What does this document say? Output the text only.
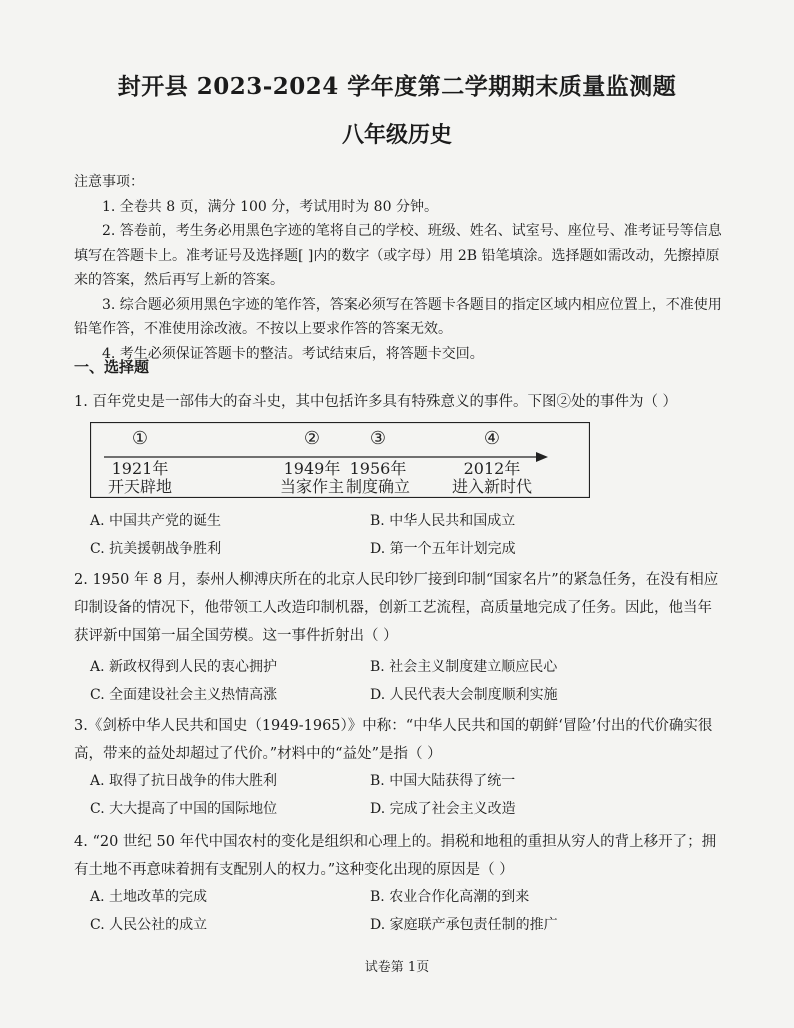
封开县 2023-2024 学年度第二学期期末质量监测题
八年级历史
注意事项：

1. 全卷共 8 页，满分 100 分，考试用时为 80 分钟。

2. 答卷前，考生务必用黑色字迹的笔将自己的学校、班级、姓名、试室号、座位号、准考证号等信息填写在答题卡上。准考证号及选择题[ ]内的数字（或字母）用 2B 铅笔填涂。选择题如需改动，先擦掉原来的答案，然后再写上新的答案。

3. 综合题必须用黑色字迹的笔作答，答案必须写在答题卡各题目的指定区域内相应位置上，不准使用铅笔作答，不准使用涂改液。不按以上要求作答的答案无效。

4. 考生必须保证答题卡的整洁。考试结束后，将答题卡交回。

一、选择题
1. 百年党史是一部伟大的奋斗史，其中包括许多具有特殊意义的事件。下图②处的事件为（ ）
①
1921年
开天辟地
②
1949年
当家作主
③
1956年
制度确立
④
2012年
进入新时代
A. 中国共产党的诞生	B. 中华人民共和国成立
C. 抗美援朝战争胜利	D. 第一个五年计划完成
2. 1950 年 8 月，泰州人柳溥庆所在的北京人民印钞厂接到印制“国家名片”的紧急任务，在没有相应印制设备的情况下，他带领工人改造印制机器，创新工艺流程，高质量地完成了任务。因此，他当年获评新中国第一届全国劳模。这一事件折射出（ ）
A. 新政权得到人民的衷心拥护	B. 社会主义制度建立顺应民心
C. 全面建设社会主义热情高涨	D. 人民代表大会制度顺利实施
3.《剑桥中华人民共和国史（1949-1965）》中称：“中华人民共和国的朝鲜‘冒险’付出的代价确实很高，带来的益处却超过了代价。”材料中的“益处”是指（ ）
A. 取得了抗日战争的伟大胜利	B. 中国大陆获得了统一
C. 大大提高了中国的国际地位	D. 完成了社会主义改造
4. “20 世纪 50 年代中国农村的变化是组织和心理上的。捐税和地租的重担从穷人的背上移开了；拥有土地不再意味着拥有支配别人的权力。”这种变化出现的原因是（ ）
A. 土地改革的完成	B. 农业合作化高潮的到来
C. 人民公社的成立	D. 家庭联产承包责任制的推广
试卷第 1页
